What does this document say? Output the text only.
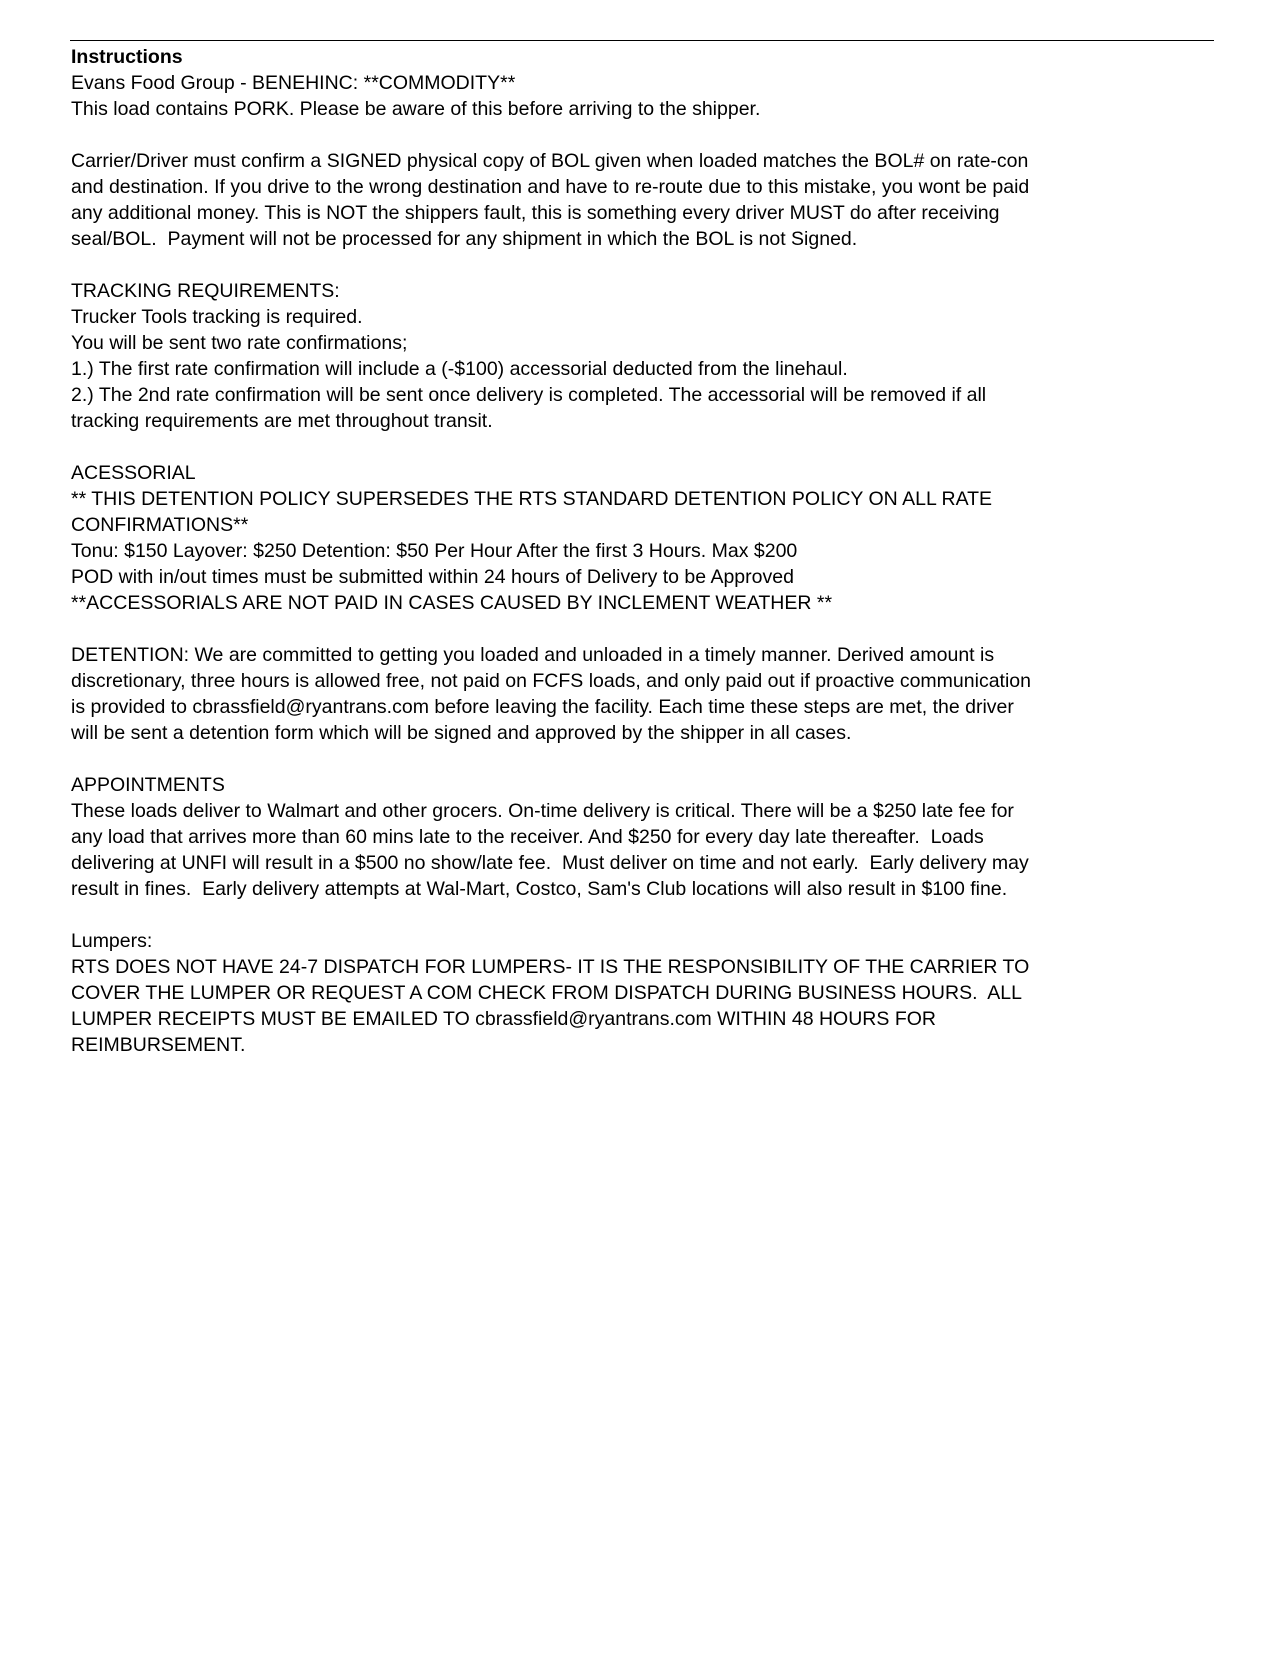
Instructions
Evans Food Group - BENEHINC: **COMMODITY**
This load contains PORK. Please be aware of this before arriving to the shipper.
Carrier/Driver must confirm a SIGNED physical copy of BOL given when loaded matches the BOL# on rate-con
and destination. If you drive to the wrong destination and have to re-route due to this mistake, you wont be paid
any additional money. This is NOT the shippers fault, this is something every driver MUST do after receiving
seal/BOL.  Payment will not be processed for any shipment in which the BOL is not Signed.
TRACKING REQUIREMENTS:
Trucker Tools tracking is required.
You will be sent two rate confirmations;
1.) The first rate confirmation will include a (-$100) accessorial deducted from the linehaul.
2.) The 2nd rate confirmation will be sent once delivery is completed. The accessorial will be removed if all
tracking requirements are met throughout transit.
ACESSORIAL
** THIS DETENTION POLICY SUPERSEDES THE RTS STANDARD DETENTION POLICY ON ALL RATE
CONFIRMATIONS**
Tonu: $150 Layover: $250 Detention: $50 Per Hour After the first 3 Hours. Max $200
POD with in/out times must be submitted within 24 hours of Delivery to be Approved
**ACCESSORIALS ARE NOT PAID IN CASES CAUSED BY INCLEMENT WEATHER **
DETENTION: We are committed to getting you loaded and unloaded in a timely manner. Derived amount is
discretionary, three hours is allowed free, not paid on FCFS loads, and only paid out if proactive communication
is provided to cbrassfield@ryantrans.com before leaving the facility. Each time these steps are met, the driver
will be sent a detention form which will be signed and approved by the shipper in all cases.
APPOINTMENTS
These loads deliver to Walmart and other grocers. On-time delivery is critical. There will be a $250 late fee for
any load that arrives more than 60 mins late to the receiver. And $250 for every day late thereafter.  Loads
delivering at UNFI will result in a $500 no show/late fee.  Must deliver on time and not early.  Early delivery may
result in fines.  Early delivery attempts at Wal-Mart, Costco, Sam's Club locations will also result in $100 fine.
Lumpers:
RTS DOES NOT HAVE 24-7 DISPATCH FOR LUMPERS- IT IS THE RESPONSIBILITY OF THE CARRIER TO
COVER THE LUMPER OR REQUEST A COM CHECK FROM DISPATCH DURING BUSINESS HOURS.  ALL
LUMPER RECEIPTS MUST BE EMAILED TO cbrassfield@ryantrans.com WITHIN 48 HOURS FOR
REIMBURSEMENT.
